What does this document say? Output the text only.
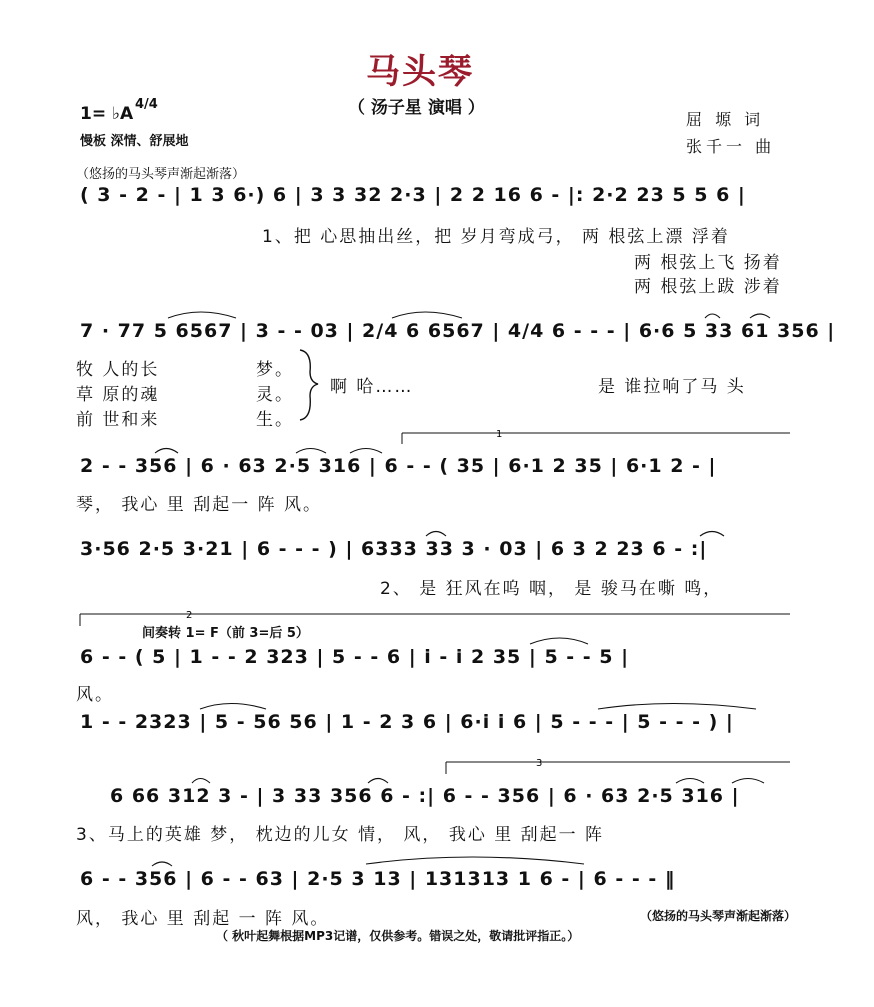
马头琴
（ 汤子星 演唱 ）
1= ♭A 4/4
慢板 深情、舒展地
屈 塬 词
张千一 曲
（悠扬的马头琴声渐起渐落）
( 3 - 2 - | 1 3 6·) 6 | 3 3 32 2·3 | 2 2 16 6 - |: 2·2 23 5 5 6 |
1、把 心思抽出丝，把 岁月弯成弓， 两 根弦上漂 浮着
两 根弦上飞 扬着
两 根弦上跋 涉着
7 · 77 5 6567 | 3 - - 03 | 2/4 6 6567 | 4/4 6 - - - | 6·6 5 33 61 356 |
牧 人的长
草 原的魂
前 世和来
梦。
灵。
生。
啊 哈……	是 谁拉响了马 头
2 - - 356 | 6 · 63 2·5 316 | 6 - - ( 35 | 6·1 2 35 | 6·1 2 - |
琴， 我心 里 刮起一 阵 风。
3·56 2·5 3·21 | 6 - - - ) | 6333 33 3 · 03 | 6 3 2 23 6 - :|
2、 是 狂风在呜 咽， 是 骏马在嘶 鸣，
间奏转 1= F（前 3=后 5）
6 - - ( 5 | 1 - - 2 323 | 5 - - 6 | i - i 2 35 | 5 - - 5 |
风。
1 - - 2323 | 5 - 56 56 | 1 - 2 3 6 | 6·i i 6 | 5 - - - | 5 - - - ) |
6 66 312 3 - | 3 33 356 6 - :| 6 - - 356 | 6 · 63 2·5 316 |
3、马上的英雄 梦， 枕边的儿女 情， 风， 我心 里 刮起一 阵
6 - - 356 | 6 - - 63 | 2·5 3 13 | 131313 1 6 - | 6 - - - ‖
风， 我心 里 刮起 一 阵 风。	（悠扬的马头琴声渐起渐落）
（ 秋叶起舞根据MP3记谱，仅供参考。错误之处，敬请批评指正。）
1
2
3
